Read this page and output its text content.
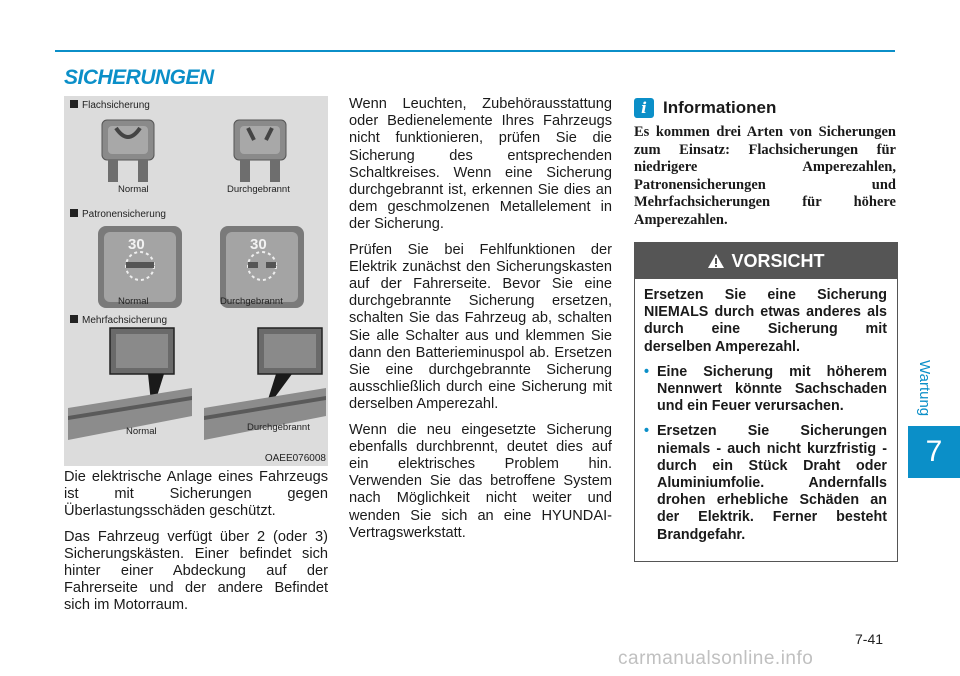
SICHERUNGEN
Wartung
7
Flachsicherung
Normal	Durchgebrannt
Patronensicherung
30
Normal
30
Durchgebrannt
Mehrfachsicherung
Normal	Durchgebrannt
OAEE076008

Die elektrische Anlage eines Fahrzeugs ist mit Sicherungen gegen Überlastungsschäden geschützt.

Das Fahrzeug verfügt über 2 (oder 3) Sicherungskästen. Einer befindet sich hinter einer Abdeckung auf der Fahrerseite und der andere Befindet sich im Motorraum.

Wenn Leuchten, Zubehörausstattung oder Bedienelemente Ihres Fahrzeugs nicht funktionieren, prüfen Sie die Sicherung des entsprechenden Schaltkreises. Wenn eine Sicherung durchgebrannt ist, erkennen Sie dies an dem geschmolzenen Metallelement in der Sicherung.

Prüfen Sie bei Fehlfunktionen der Elektrik zunächst den Sicherungskasten auf der Fahrerseite. Bevor Sie eine durchgebrannte Sicherung ersetzen, schalten Sie das Fahrzeug ab, schalten Sie alle Schalter aus und klemmen Sie dann den Batterieminuspol ab. Ersetzen Sie eine durchgebrannte Sicherung ausschließlich durch eine Sicherung mit derselben Amperezahl.

Wenn die neu eingesetzte Sicherung ebenfalls durchbrennt, deutet dies auf ein elektrisches Problem hin. Verwenden Sie das betroffene System nach Möglichkeit nicht weiter und wenden Sie sich an eine HYUNDAI-Vertragswerkstatt.

i Informationen
Es kommen drei Arten von Sicherungen zum Einsatz: Flachsicherungen für niedrigere Amperezahlen, Patronensicherungen und Mehrfachsicherungen für höhere Amperezahlen.
VORSICHT

Ersetzen Sie eine Sicherung NIEMALS durch etwas anderes als durch eine Sicherung mit derselben Amperezahl.

• Eine Sicherung mit höherem Nennwert könnte Sachschaden und ein Feuer verursachen.
• Ersetzen Sie Sicherungen niemals - auch nicht kurzfristig - durch ein Stück Draht oder Aluminiumfolie. Andernfalls drohen erhebliche Schäden an der Elektrik. Ferner besteht Brandgefahr.
7-41
carmanualsonline.info
